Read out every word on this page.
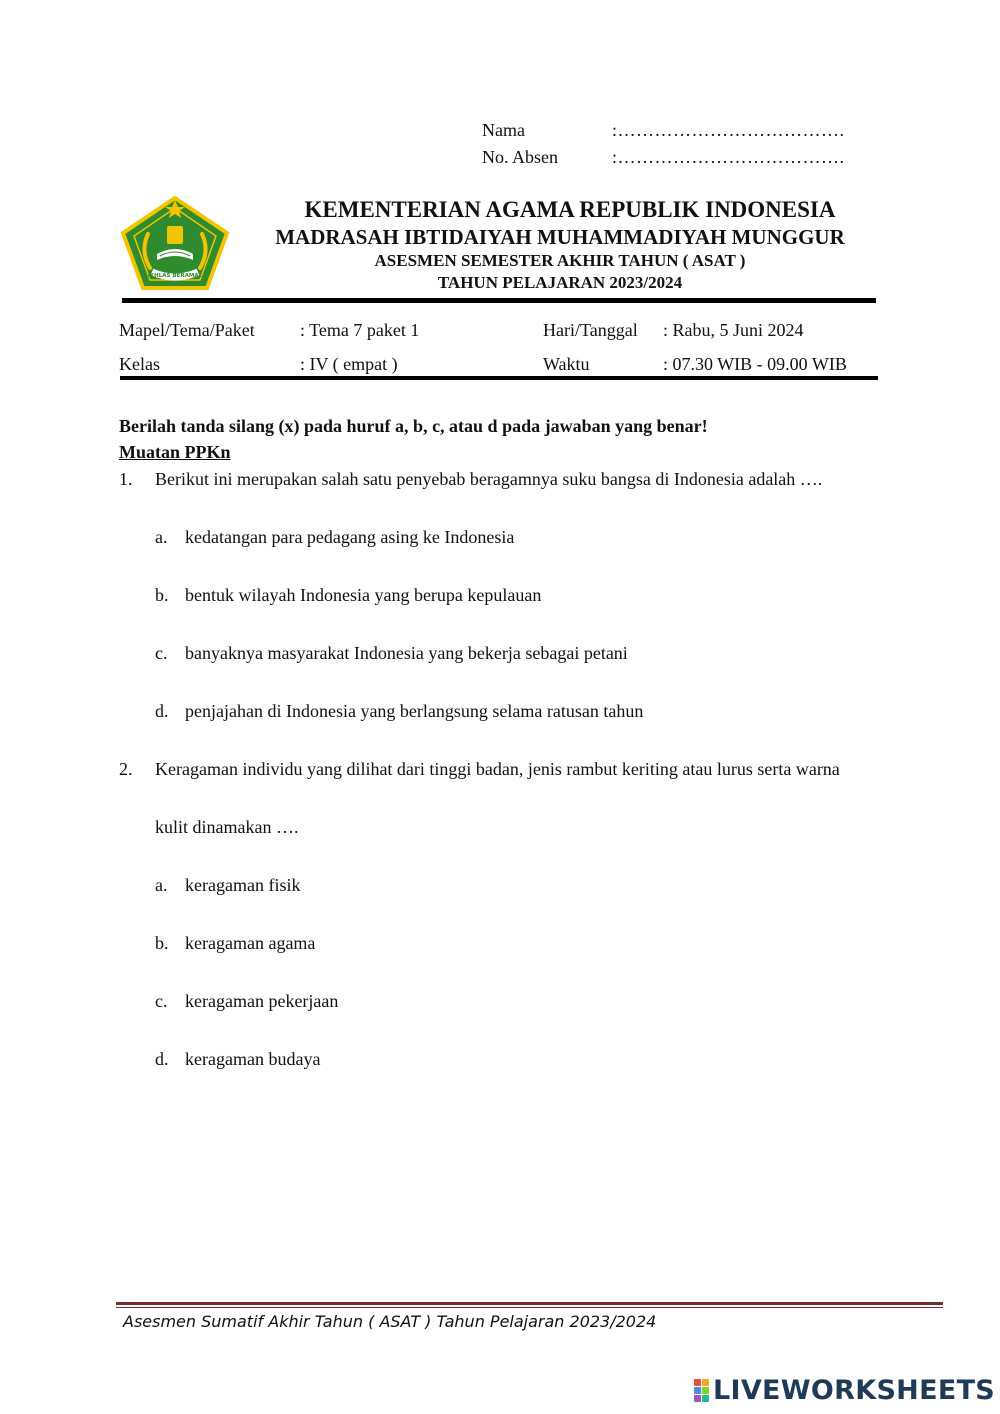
Nama	:……………………………….
No. Absen	:……………………………….
IKHLAS BERAMAL
KEMENTERIAN AGAMA REPUBLIK INDONESIA
MADRASAH IBTIDAIYAH MUHAMMADIYAH MUNGGUR
ASESMEN SEMESTER AKHIR TAHUN ( ASAT )
TAHUN PELAJARAN 2023/2024
Mapel/Tema/Paket	: Tema 7 paket 1	Hari/Tanggal : Rabu, 5 Juni 2024
Kelas	: IV ( empat )	Waktu	: 07.30 WIB - 09.00 WIB
Berilah tanda silang (x) pada huruf a, b, c, atau d pada jawaban yang benar!
Muatan PPKn
1. Berikut ini merupakan salah satu penyebab beragamnya suku bangsa di Indonesia adalah ….
a. kedatangan para pedagang asing ke Indonesia
b. bentuk wilayah Indonesia yang berupa kepulauan
c. banyaknya masyarakat Indonesia yang bekerja sebagai petani
d. penjajahan di Indonesia yang berlangsung selama ratusan tahun
2. Keragaman individu yang dilihat dari tinggi badan, jenis rambut keriting atau lurus serta warna
kulit dinamakan ….
a. keragaman fisik
b. keragaman agama
c. keragaman pekerjaan
d. keragaman budaya
Asesmen Sumatif Akhir Tahun ( ASAT ) Tahun Pelajaran 2023/2024
LIVEWORKSHEETS
